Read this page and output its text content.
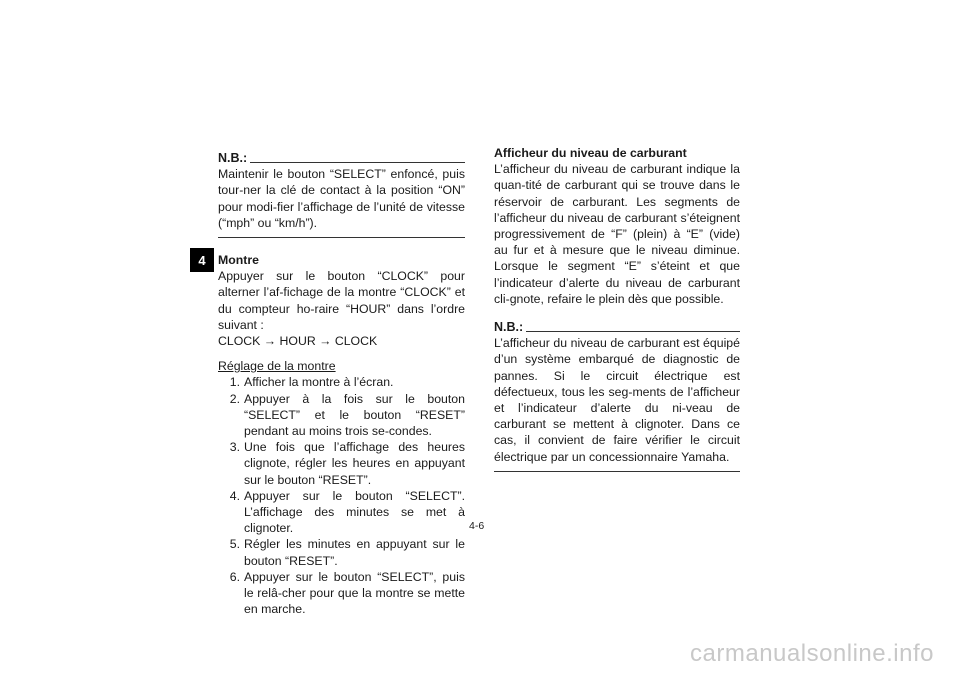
4
N.B.:

Maintenir le bouton “SELECT” enfoncé, puis tour-ner la clé de contact à la position “ON” pour modi-fier l’affichage de l’unité de vitesse (“mph” ou “km/h”).

Montre

Appuyer sur le bouton “CLOCK” pour alterner l’af-fichage de la montre “CLOCK” et du compteur ho-raire “HOUR” dans l’ordre suivant :

CLOCK → HOUR → CLOCK

Réglage de la montre

1. Afficher la montre à l’écran.
2. Appuyer à la fois sur le bouton “SELECT” et le bouton “RESET” pendant au moins trois se-condes.
3. Une fois que l’affichage des heures clignote, régler les heures en appuyant sur le bouton “RESET”.
4. Appuyer sur le bouton “SELECT”. L’affichage des minutes se met à clignoter.
5. Régler les minutes en appuyant sur le bouton “RESET”.
6. Appuyer sur le bouton “SELECT”, puis le relâ-cher pour que la montre se mette en marche.

Afficheur du niveau de carburant

L’afficheur du niveau de carburant indique la quan-tité de carburant qui se trouve dans le réservoir de carburant. Les segments de l’afficheur du niveau de carburant s’éteignent progressivement de “F” (plein) à “E” (vide) au fur et à mesure que le niveau diminue. Lorsque le segment “E” s’éteint et que l’indicateur d’alerte du niveau de carburant cli-gnote, refaire le plein dès que possible.

N.B.:

L’afficheur du niveau de carburant est équipé d’un système embarqué de diagnostic de pannes. Si le circuit électrique est défectueux, tous les seg-ments de l’afficheur et l’indicateur d’alerte du ni-veau de carburant se mettent à clignoter. Dans ce cas, il convient de faire vérifier le circuit électrique par un concessionnaire Yamaha.

4-6
carmanualsonline.info
